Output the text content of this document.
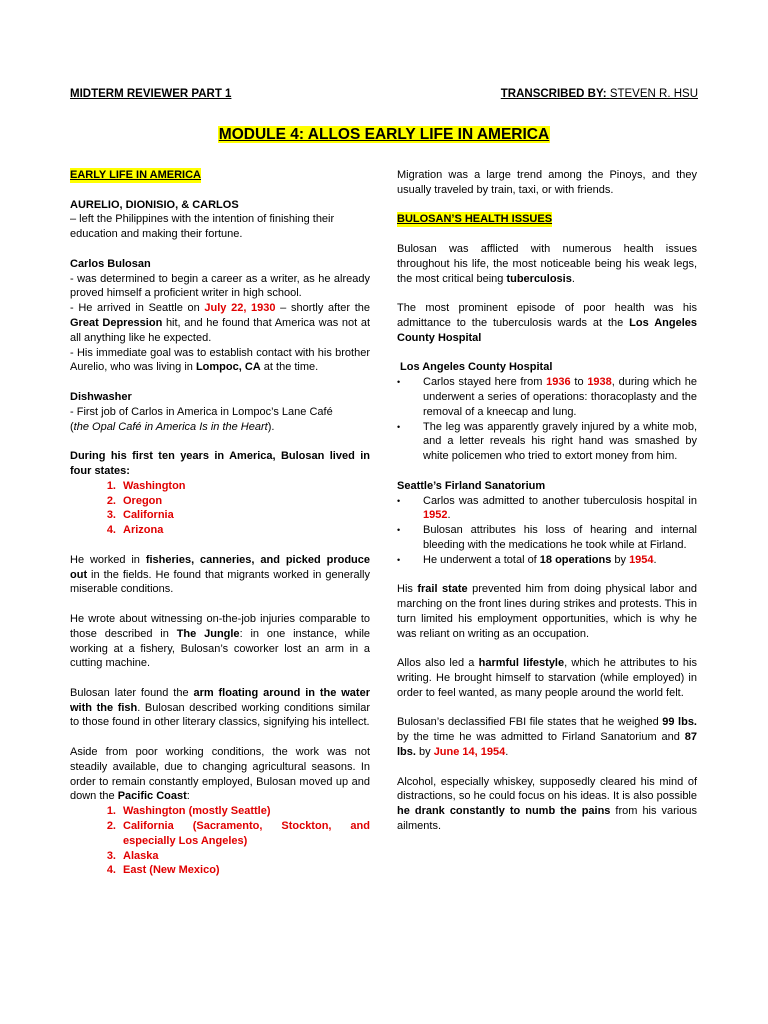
MIDTERM REVIEWER PART 1	TRANSCRIBED BY: STEVEN R. HSU
MODULE 4: ALLOS EARLY LIFE IN AMERICA
EARLY LIFE IN AMERICA

AURELIO, DIONISIO, & CARLOS
– left the Philippines with the intention of finishing their education and making their fortune.

Carlos Bulosan
- was determined to begin a career as a writer, as he already proved himself a proficient writer in high school.
- He arrived in Seattle on July 22, 1930 – shortly after the Great Depression hit, and he found that America was not at all anything like he expected.
- His immediate goal was to establish contact with his brother Aurelio, who was living in Lompoc, CA at the time.

Dishwasher
- First job of Carlos in America in Lompoc’s Lane Café
(the Opal Café in America Is in the Heart).

During his first ten years in America, Bulosan lived in four states:

1. Washington
2. Oregon
3. California
4. Arizona

He worked in fisheries, canneries, and picked produce out in the fields. He found that migrants worked in generally miserable conditions.

He wrote about witnessing on-the-job injuries comparable to those described in The Jungle: in one instance, while working at a fishery, Bulosan’s coworker lost an arm in a cutting machine.

Bulosan later found the arm floating around in the water with the fish. Bulosan described working conditions similar to those found in other literary classics, signifying his intellect.

Aside from poor working conditions, the work was not steadily available, due to changing agricultural seasons. In order to remain constantly employed, Bulosan moved up and down the Pacific Coast:

1. Washington (mostly Seattle)
2. California (Sacramento, Stockton, and especially Los Angeles)
3. Alaska
4. East (New Mexico)

Migration was a large trend among the Pinoys, and they usually traveled by train, taxi, or with friends.

BULOSAN’S HEALTH ISSUES

Bulosan was afflicted with numerous health issues throughout his life, the most noticeable being his weak legs, the most critical being tuberculosis.

The most prominent episode of poor health was his admittance to the tuberculosis wards at the Los Angeles County Hospital

Los Angeles County Hospital
•	Carlos stayed here from 1936 to 1938, during which he underwent a series of operations: thoracoplasty and the removal of a kneecap and lung.
•	The leg was apparently gravely injured by a white mob, and a letter reveals his right hand was smashed by white policemen who tried to extort money from him.
Seattle’s Firland Sanatorium
•	Carlos was admitted to another tuberculosis hospital in 1952.
•	Bulosan attributes his loss of hearing and internal bleeding with the medications he took while at Firland.
•	He underwent a total of 18 operations by 1954.

His frail state prevented him from doing physical labor and marching on the front lines during strikes and protests. This in turn limited his employment opportunities, which is why he was reliant on writing as an occupation.

Allos also led a harmful lifestyle, which he attributes to his writing. He brought himself to starvation (while employed) in order to feel wanted, as many people around the world felt.

Bulosan’s declassified FBI file states that he weighed 99 lbs. by the time he was admitted to Firland Sanatorium and 87 lbs. by June 14, 1954.

Alcohol, especially whiskey, supposedly cleared his mind of distractions, so he could focus on his ideas. It is also possible he drank constantly to numb the pains from his various ailments.
